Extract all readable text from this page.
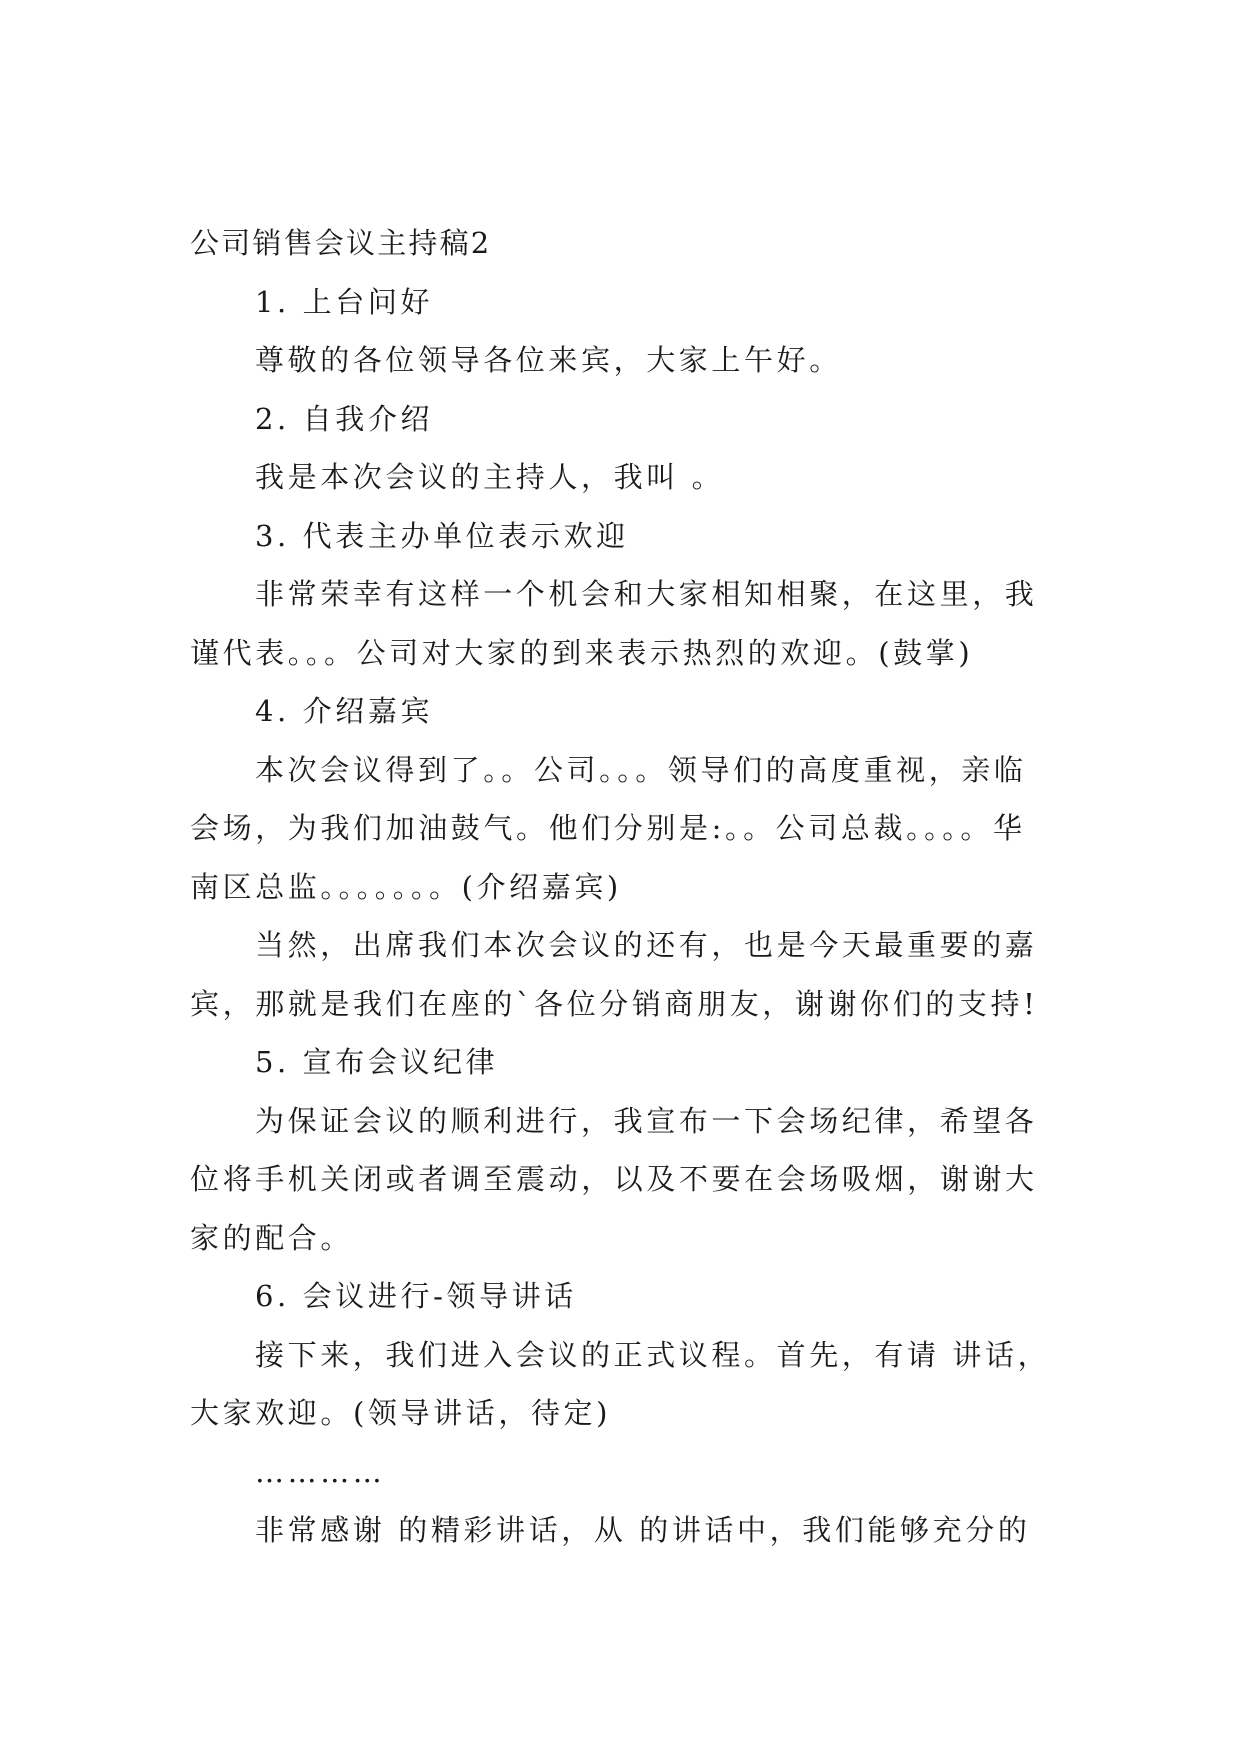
公司销售会议主持稿2
1. 上台问好
尊敬的各位领导各位来宾，大家上午好。
2. 自我介绍
我是本次会议的主持人，我叫 。
3. 代表主办单位表示欢迎
非常荣幸有这样一个机会和大家相知相聚，在这里，我
谨代表。。。公司对大家的到来表示热烈的欢迎。(鼓掌)
4. 介绍嘉宾
本次会议得到了。。公司。。。领导们的高度重视，亲临
会场，为我们加油鼓气。他们分别是:。。公司总裁。。。。华
南区总监。。。。。。。(介绍嘉宾)
当然，出席我们本次会议的还有，也是今天最重要的嘉
宾，那就是我们在座的`各位分销商朋友，谢谢你们的支持!
5. 宣布会议纪律
为保证会议的顺利进行，我宣布一下会场纪律，希望各
位将手机关闭或者调至震动，以及不要在会场吸烟，谢谢大
家的配合。
6. 会议进行-领导讲话
接下来，我们进入会议的正式议程。首先，有请 讲话，
大家欢迎。(领导讲话，待定)
…………
非常感谢 的精彩讲话，从 的讲话中，我们能够充分的
